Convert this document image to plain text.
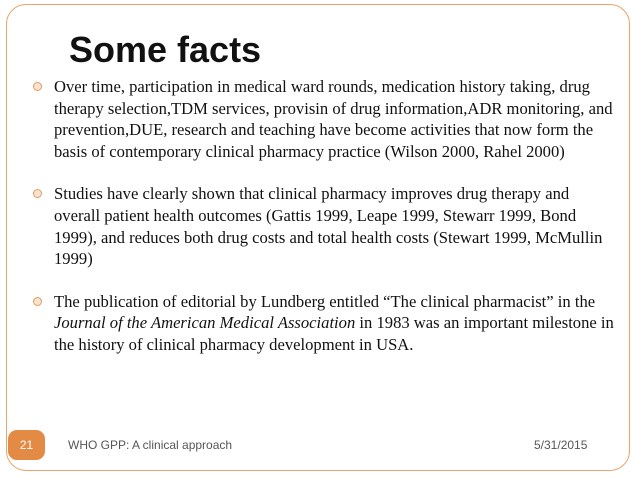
Some facts
Over time, participation in medical ward rounds, medication history taking, drug therapy selection,TDM services, provisin of drug information,ADR monitoring, and prevention,DUE, research and teaching have become activities that now form the basis of contemporary clinical pharmacy practice (Wilson 2000, Rahel 2000)
Studies have clearly shown that clinical pharmacy improves drug therapy and overall patient health outcomes (Gattis 1999, Leape 1999, Stewarr 1999, Bond 1999), and reduces both drug costs and total health costs (Stewart 1999, McMullin 1999)
The publication of editorial by Lundberg entitled “The clinical pharmacist” in the Journal of the American Medical Association in 1983 was an important milestone in the history of clinical pharmacy development in USA.
21	WHO GPP: A clinical approach	5/31/2015
